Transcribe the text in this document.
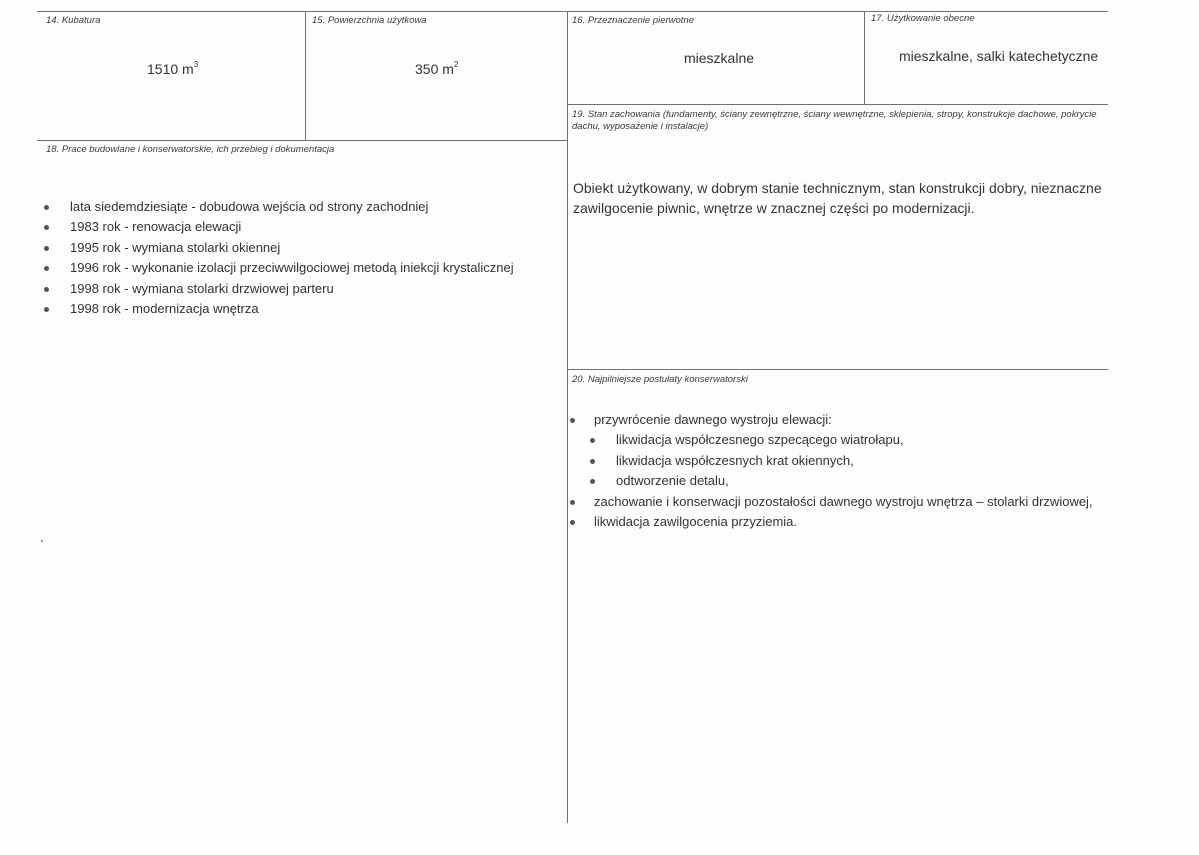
14. Kubatura
1510 $m^3$
15. Powierzchnia użytkowa
350 $m^2$
16. Przeznaczenie pierwotne
mieszkalne
17. Użytkowanie obecne
mieszkalne, salki katechetyczne
18. Prace budowlane i konserwatorskie, ich przebieg i dokumentacja
lata siedemdziesiąte - dobudowa wejścia od strony zachodniej
1983 rok - renowacja elewacji
1995 rok - wymiana stolarki okiennej
1996 rok - wykonanie izolacji przeciwwilgociowej metodą iniekcji krystalicznej
1998 rok - wymiana stolarki drzwiowej parteru
1998 rok - modernizacja wnętrza
19. Stan zachowania (fundamenty, ściany zewnętrzne, ściany wewnętrzne, sklepienia, stropy, konstrukcje dachowe, pokrycie dachu, wyposażenie i instalacje)
Obiekt użytkowany, w dobrym stanie technicznym, stan konstrukcji dobry, nieznaczne zawilgocenie piwnic, wnętrze w znacznej części po modernizacji.
20. Najpilniejsze postulaty konserwatorski
przywrócenie dawnego wystroju elewacji:
likwidacja współczesnego szpecącego wiatrołapu,
likwidacja współczesnych krat okiennych,
odtworzenie detalu,
zachowanie i konserwacji pozostałości dawnego wystroju wnętrza – stolarki drzwiowej,
likwidacja zawilgocenia przyziemia.
